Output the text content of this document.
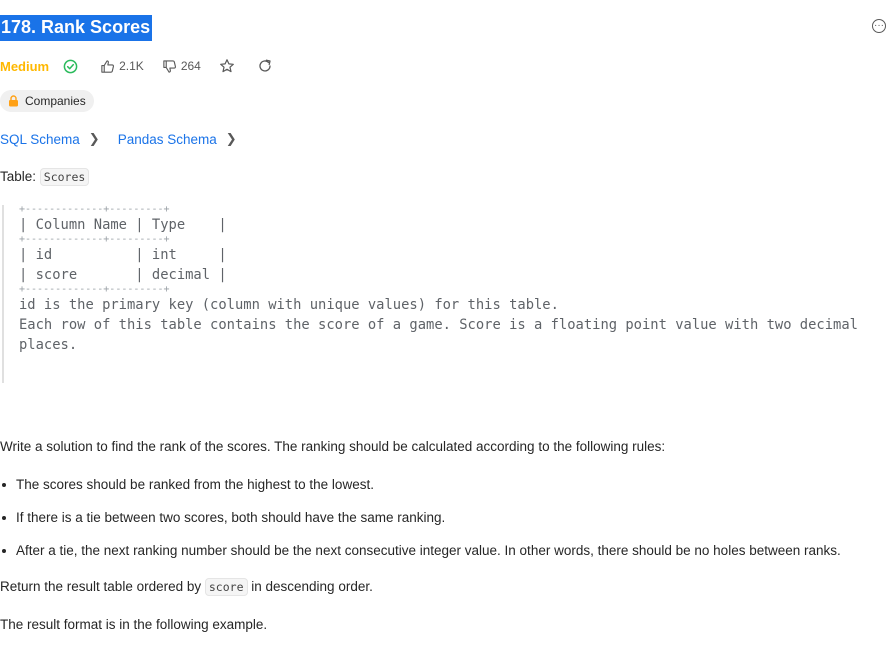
178. Rank Scores	···
Medium	2.1K	264
Companies
SQL Schema ❯ Pandas Schema ❯
Table: Scores
+-------------+---------+
| Column Name | Type    |
+-------------+---------+
| id          | int     |
| score       | decimal |
+-------------+---------+
id is the primary key (column with unique values) for this table.
Each row of this table contains the score of a game. Score is a floating point value with two decimal
places.
Write a solution to find the rank of the scores. The ranking should be calculated according to the following rules:
The scores should be ranked from the highest to the lowest.
If there is a tie between two scores, both should have the same ranking.
After a tie, the next ranking number should be the next consecutive integer value. In other words, there should be no holes between ranks.
Return the result table ordered by score in descending order.
The result format is in the following example.
